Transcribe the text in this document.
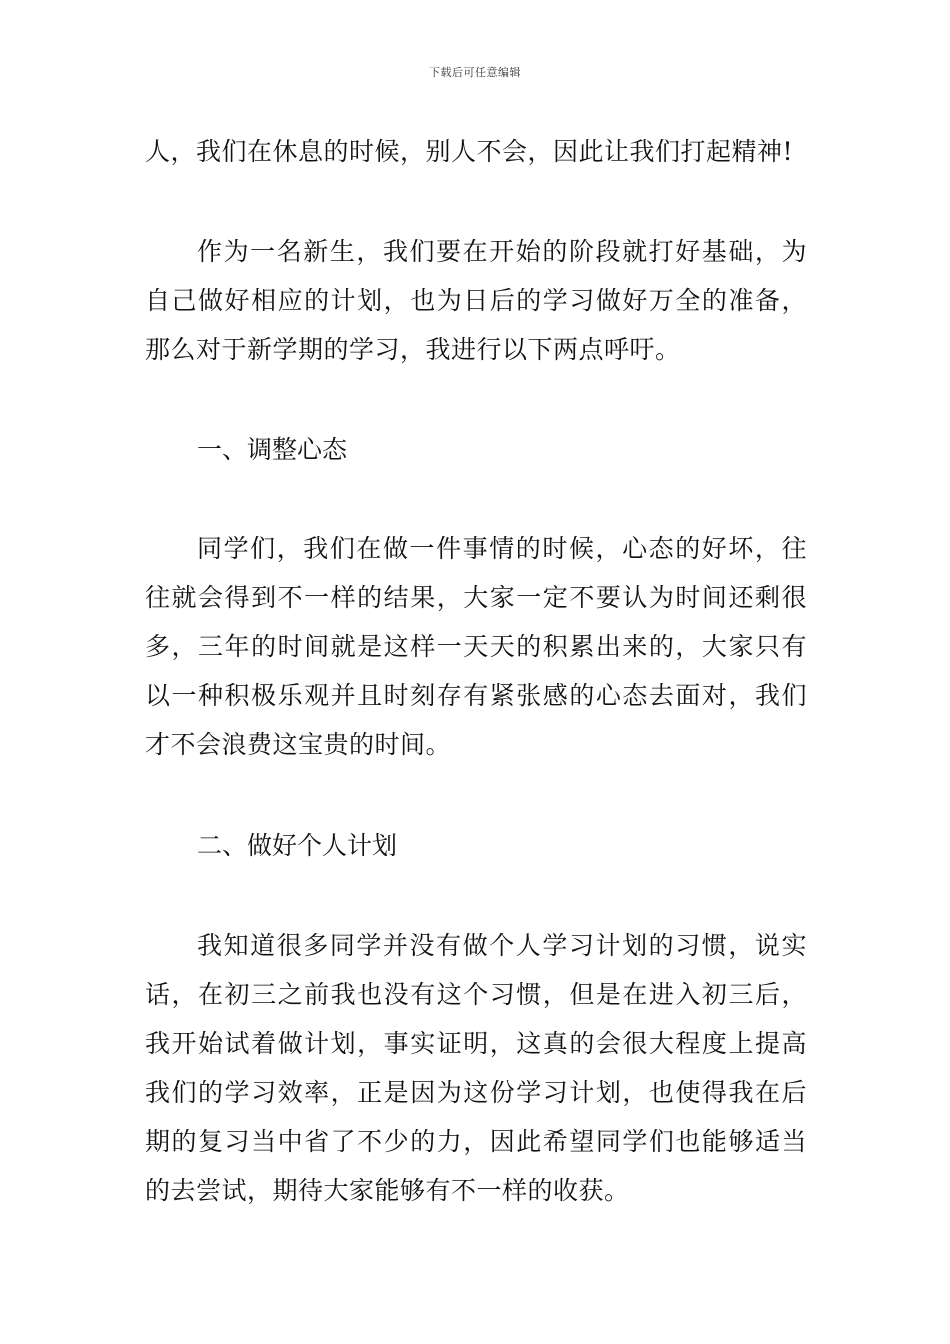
下载后可任意编辑

人，我们在休息的时候，别人不会，因此让我们打起精神!

作为一名新生，我们要在开始的阶段就打好基础，为自己做好相应的计划，也为日后的学习做好万全的准备，那么对于新学期的学习，我进行以下两点呼吁。

一、调整心态

同学们，我们在做一件事情的时候，心态的好坏，往往就会得到不一样的结果，大家一定不要认为时间还剩很多，三年的时间就是这样一天天的积累出来的，大家只有以一种积极乐观并且时刻存有紧张感的心态去面对，我们才不会浪费这宝贵的时间。

二、做好个人计划

我知道很多同学并没有做个人学习计划的习惯，说实话，在初三之前我也没有这个习惯，但是在进入初三后，我开始试着做计划，事实证明，这真的会很大程度上提高我们的学习效率，正是因为这份学习计划，也使得我在后期的复习当中省了不少的力，因此希望同学们也能够适当的去尝试，期待大家能够有不一样的收获。
